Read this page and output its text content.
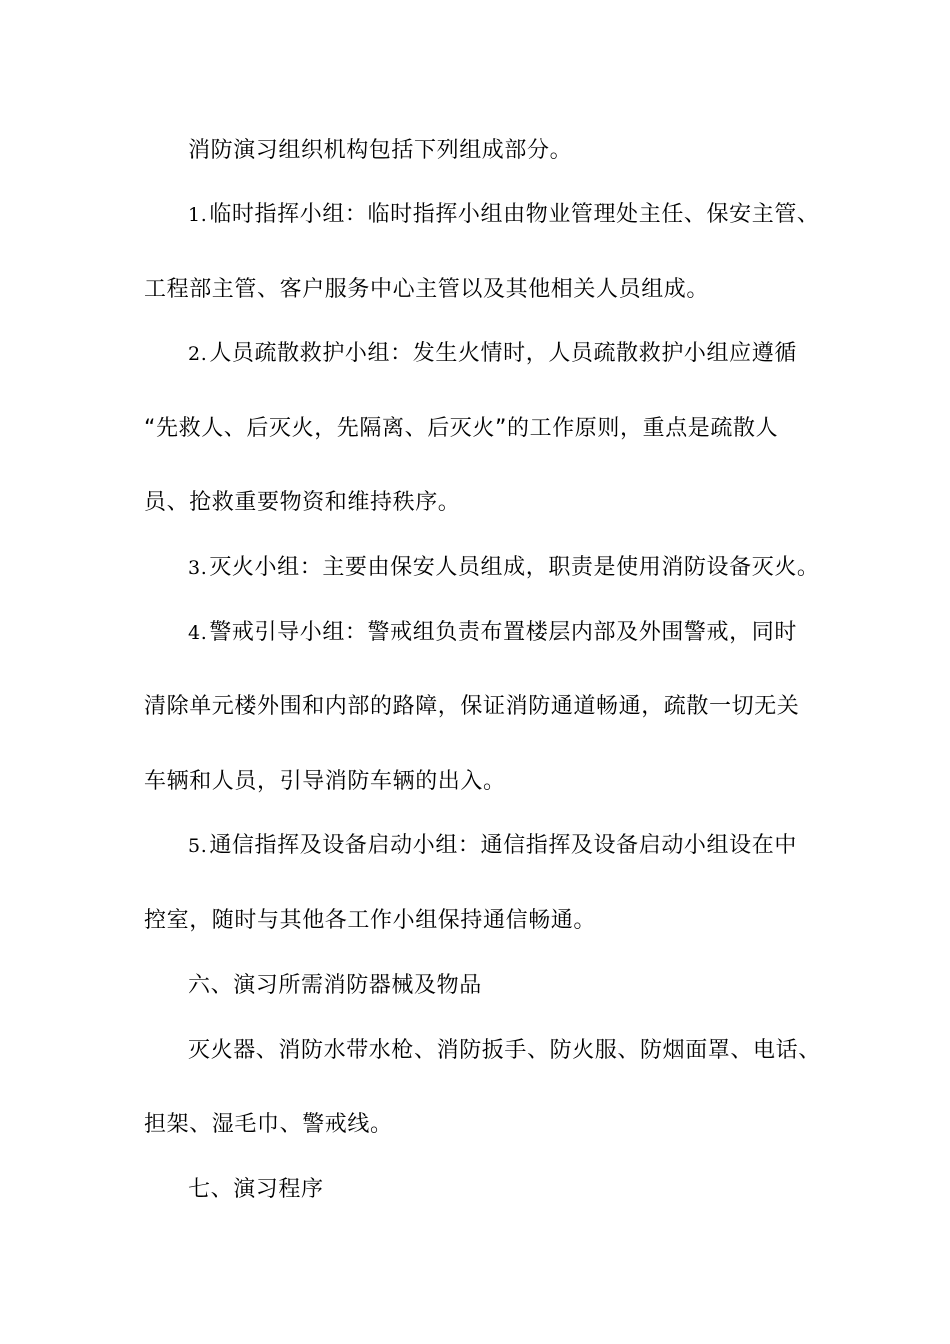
消防演习组织机构包括下列组成部分。
1.临时指挥小组：临时指挥小组由物业管理处主任、保安主管、
工程部主管、客户服务中心主管以及其他相关人员组成。
2.人员疏散救护小组：发生火情时，人员疏散救护小组应遵循
“先救人、后灭火，先隔离、后灭火”的工作原则，重点是疏散人
员、抢救重要物资和维持秩序。
3.灭火小组：主要由保安人员组成，职责是使用消防设备灭火。
4.警戒引导小组：警戒组负责布置楼层内部及外围警戒，同时
清除单元楼外围和内部的路障，保证消防通道畅通，疏散一切无关
车辆和人员，引导消防车辆的出入。
5.通信指挥及设备启动小组：通信指挥及设备启动小组设在中
控室，随时与其他各工作小组保持通信畅通。
六、演习所需消防器械及物品
灭火器、消防水带水枪、消防扳手、防火服、防烟面罩、电话、
担架、湿毛巾、警戒线。
七、演习程序
